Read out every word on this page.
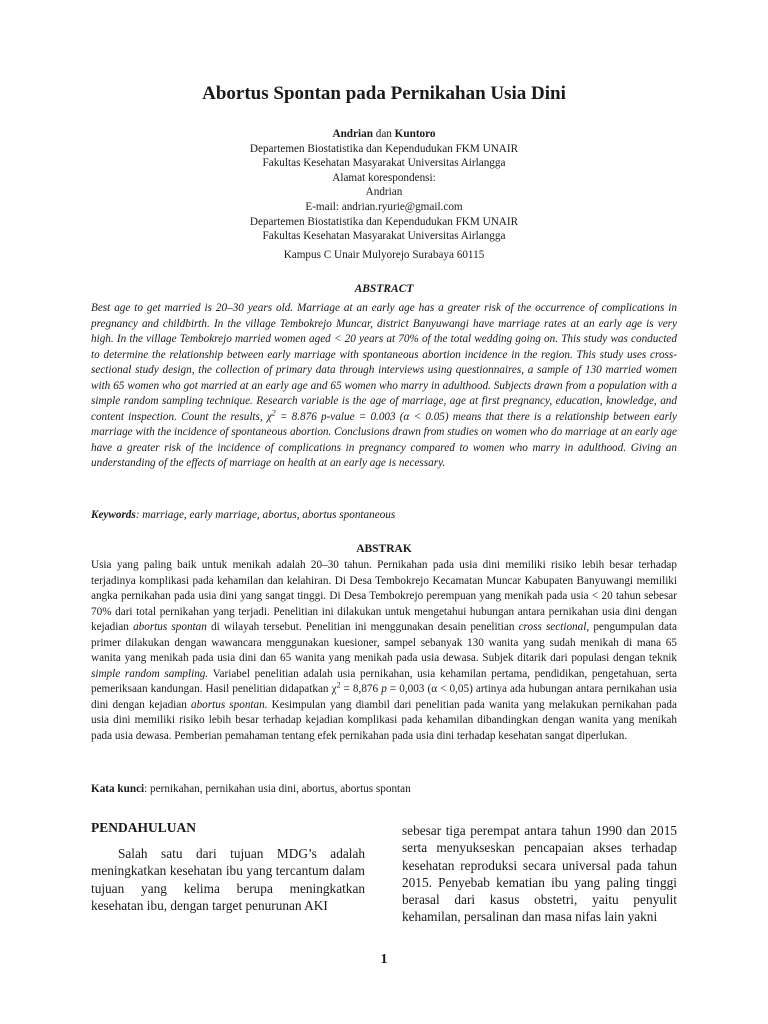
Abortus Spontan pada Pernikahan Usia Dini
Andrian dan Kuntoro
Departemen Biostatistika dan Kependudukan FKM UNAIR
Fakultas Kesehatan Masyarakat Universitas Airlangga
Alamat korespondensi:
Andrian
E-mail: andrian.ryurie@gmail.com
Departemen Biostatistika dan Kependudukan FKM UNAIR
Fakultas Kesehatan Masyarakat Universitas Airlangga
Kampus C Unair Mulyorejo Surabaya 60115
ABSTRACT

Best age to get married is 20–30 years old. Marriage at an early age has a greater risk of the occurrence of complications in pregnancy and childbirth. In the village Tembokrejo Muncar, district Banyuwangi have marriage rates at an early age is very high. In the village Tembokrejo married women aged < 20 years at 70% of the total wedding going on. This study was conducted to determine the relationship between early marriage with spontaneous abortion incidence in the region. This study uses cross-sectional study design, the collection of primary data through interviews using questionnaires, a sample of 130 married women with 65 women who got married at an early age and 65 women who marry in adulthood. Subjects drawn from a population with a simple random sampling technique. Research variable is the age of marriage, age at first pregnancy, education, knowledge, and content inspection. Count the results, $\chi^2 = 8.876$ p-value = 0.003 (α < 0.05) means that there is a relationship between early marriage with the incidence of spontaneous abortion. Conclusions drawn from studies on women who do marriage at an early age have a greater risk of the incidence of complications in pregnancy compared to women who marry in adulthood. Giving an understanding of the effects of marriage on health at an early age is necessary.

Keywords: marriage, early marriage, abortus, abortus spontaneous

ABSTRAK

Usia yang paling baik untuk menikah adalah 20–30 tahun. Pernikahan pada usia dini memiliki risiko lebih besar terhadap terjadinya komplikasi pada kehamilan dan kelahiran. Di Desa Tembokrejo Kecamatan Muncar Kabupaten Banyuwangi memiliki angka pernikahan pada usia dini yang sangat tinggi. Di Desa Tembokrejo perempuan yang menikah pada usia < 20 tahun sebesar 70% dari total pernikahan yang terjadi. Penelitian ini dilakukan untuk mengetahui hubungan antara pernikahan usia dini dengan kejadian abortus spontan di wilayah tersebut. Penelitian ini menggunakan desain penelitian cross sectional, pengumpulan data primer dilakukan dengan wawancara menggunakan kuesioner, sampel sebanyak 130 wanita yang sudah menikah di mana 65 wanita yang menikah pada usia dini dan 65 wanita yang menikah pada usia dewasa. Subjek ditarik dari populasi dengan teknik simple random sampling. Variabel penelitian adalah usia pernikahan, usia kehamilan pertama, pendidikan, pengetahuan, serta pemeriksaan kandungan. Hasil penelitian didapatkan $\chi^2 = 8,876$ p = 0,003 (α < 0,05) artinya ada hubungan antara pernikahan usia dini dengan kejadian abortus spontan. Kesimpulan yang diambil dari penelitian pada wanita yang melakukan pernikahan pada usia dini memiliki risiko lebih besar terhadap kejadian komplikasi pada kehamilan dibandingkan dengan wanita yang menikah pada usia dewasa. Pemberian pemahaman tentang efek pernikahan pada usia dini terhadap kesehatan sangat diperlukan.

Kata kunci: pernikahan, pernikahan usia dini, abortus, abortus spontan

PENDAHULUAN

Salah satu dari tujuan MDG’s adalah meningkatkan kesehatan ibu yang tercantum dalam tujuan yang kelima berupa meningkatkan kesehatan ibu, dengan target penurunan AKI

sebesar tiga perempat antara tahun 1990 dan 2015 serta menyukseskan pencapaian akses terhadap kesehatan reproduksi secara universal pada tahun 2015. Penyebab kematian ibu yang paling tinggi berasal dari kasus obstetri, yaitu penyulit kehamilan, persalinan dan masa nifas lain yakni

1
